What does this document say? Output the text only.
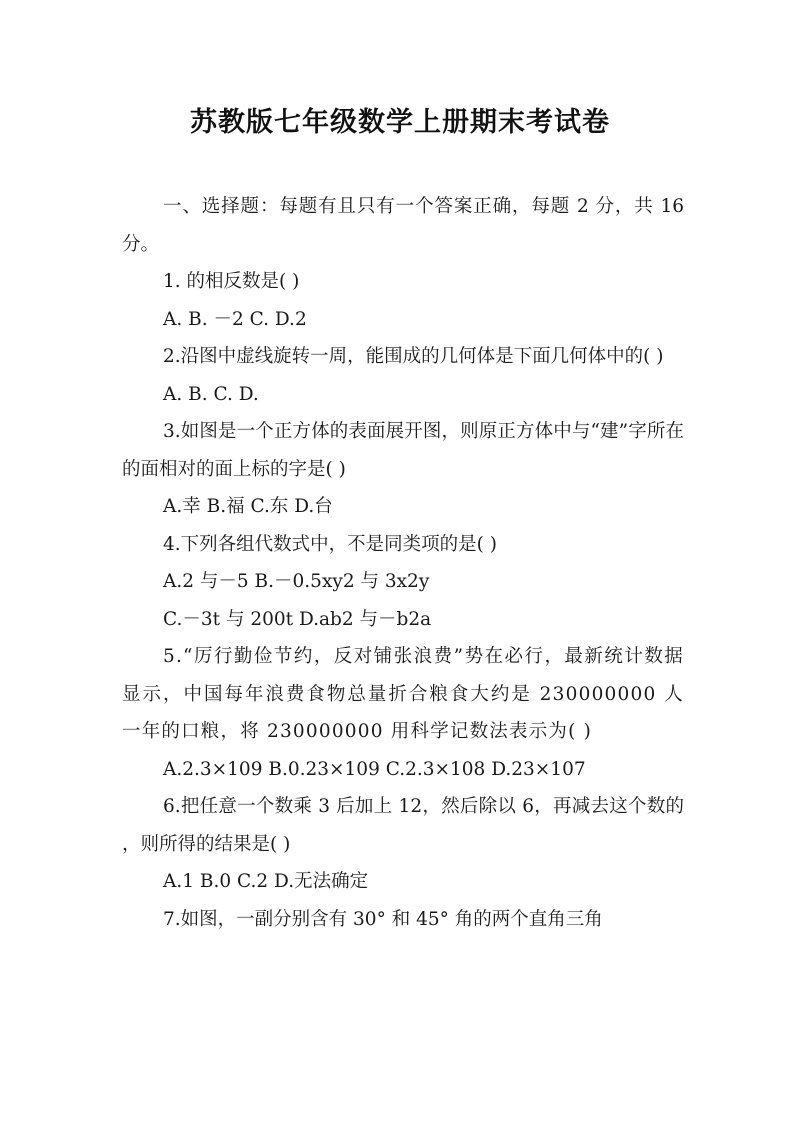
苏教版七年级数学上册期末考试卷

一、选择题：每题有且只有一个答案正确，每题 2 分，共 16 分。

1. 的相反数是( )

A. B. －2 C. D.2

2.沿图中虚线旋转一周，能围成的几何体是下面几何体中的( )

A. B. C. D.

3.如图是一个正方体的表面展开图，则原正方体中与“建”字所在的面相对的面上标的字是( )

A.幸 B.福 C.东 D.台

4.下列各组代数式中，不是同类项的是( )

A.2 与－5 B.－0.5xy2 与 3x2y

C.－3t 与 200t D.ab2 与－b2a

5.“厉行勤俭节约，反对铺张浪费”势在必行，最新统计数据显示，中国每年浪费食物总量折合粮食大约是 230000000 人一年的口粮，将 230000000 用科学记数法表示为( )

A.2.3×109 B.0.23×109 C.2.3×108 D.23×107

6.把任意一个数乘 3 后加上 12，然后除以 6，再减去这个数的 ，则所得的结果是( )

A.1 B.0 C.2 D.无法确定

7.如图，一副分别含有 30° 和 45° 角的两个直角三角
